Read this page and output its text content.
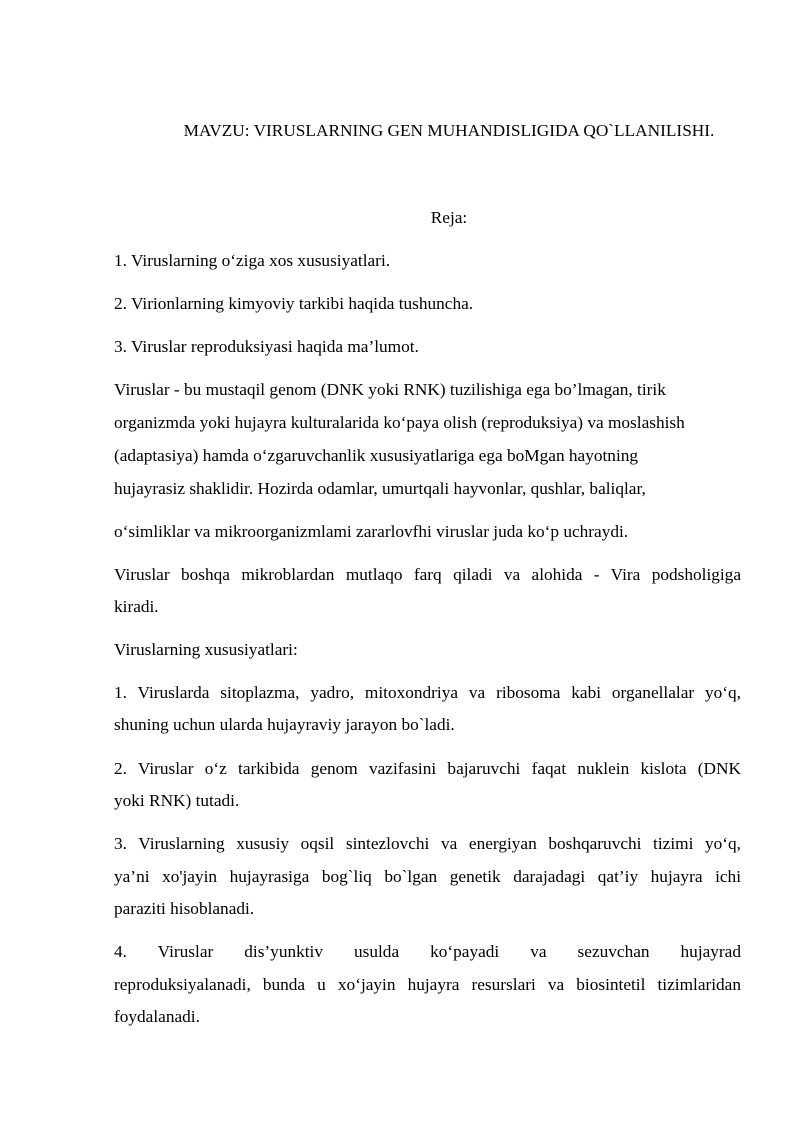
MAVZU: VIRUSLARNING GEN MUHANDISLIGIDA QO`LLANILISHI.
Reja:
1. Viruslarning o‘ziga xos xususiyatlari.
2. Virionlarning kimyoviy tarkibi haqida tushuncha.
3. Viruslar reproduksiyasi haqida ma’lumot.
Viruslar - bu mustaqil genom (DNK yoki RNK) tuzilishiga ega bo’lmagan, tirik
organizmda yoki hujayra kulturalarida ko‘paya olish (reproduksiya) va moslashish
(adaptasiya) hamda o‘zgaruvchanlik xususiyatlariga ega boMgan hayotning
hujayrasiz shaklidir. Hozirda odamlar, umurtqali hayvonlar, qushlar, baliqlar,
o‘simliklar va mikroorganizmlami zararlovfhi viruslar juda ko‘p uchraydi.
Viruslar boshqa mikroblardan mutlaqo farq qiladi va alohida - Vira podsholigiga
kiradi.
Viruslarning xususiyatlari:
1. Viruslarda sitoplazma, yadro, mitoxondriya va ribosoma kabi organellalar yo‘q,
shuning uchun ularda hujayraviy jarayon bo`ladi.
2. Viruslar o‘z tarkibida genom vazifasini bajaruvchi faqat nuklein kislota (DNK
yoki RNK) tutadi.
3. Viruslarning xususiy oqsil sintezlovchi va energiyan boshqaruvchi tizimi yo‘q,
ya’ni xo'jayin hujayrasiga bog`liq bo`lgan genetik darajadagi qat’iy hujayra ichi
paraziti hisoblanadi.
4. Viruslar dis’yunktiv usulda ko‘payadi va sezuvchan hujayrad
reproduksiyalanadi, bunda u xo‘jayin hujayra resurslari va biosintetil tizimlaridan
foydalanadi.
